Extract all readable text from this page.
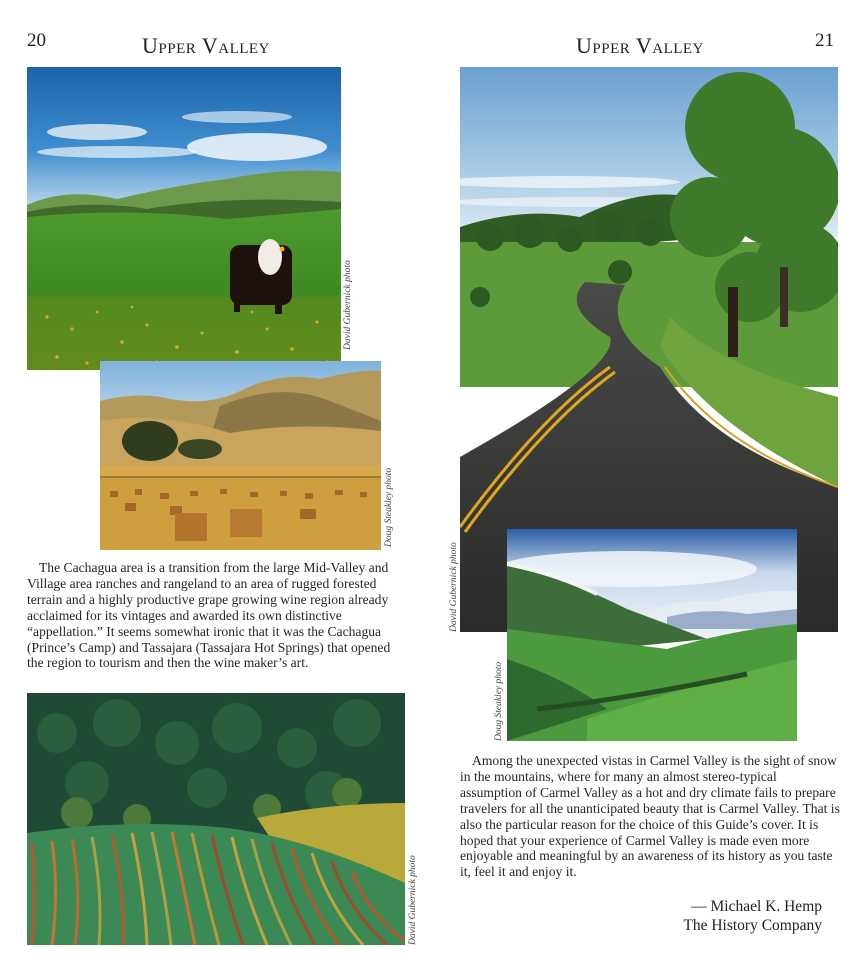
20	Upper Valley
David Gubernick photo
Doug Steakley photo

The Cachagua area is a transition from the large Mid-Valley and Village area ranches and rangeland to an area of rugged forested terrain and a highly productive grape growing wine region already acclaimed for its vintages and awarded its own distinctive “appellation.” It seems somewhat ironic that it was the Cachagua (Prince’s Camp) and Tassajara (Tassajara Hot Springs) that opened the region to tourism and then the wine maker’s art.

David Gubernick photo
Upper Valley	21
David Gubernick photo
Doug Steakley photo

Among the unexpected vistas in Carmel Valley is the sight of snow in the mountains, where for many an almost stereo-typical assumption of Carmel Valley as a hot and dry climate fails to prepare travelers for all the unanticipated beauty that is Carmel Valley. That is also the particular reason for the choice of this Guide’s cover. It is hoped that your experience of Carmel Valley is made even more enjoyable and meaningful by an awareness of its history as you taste it, feel it and enjoy it.

— Michael K. Hemp
The History Company
